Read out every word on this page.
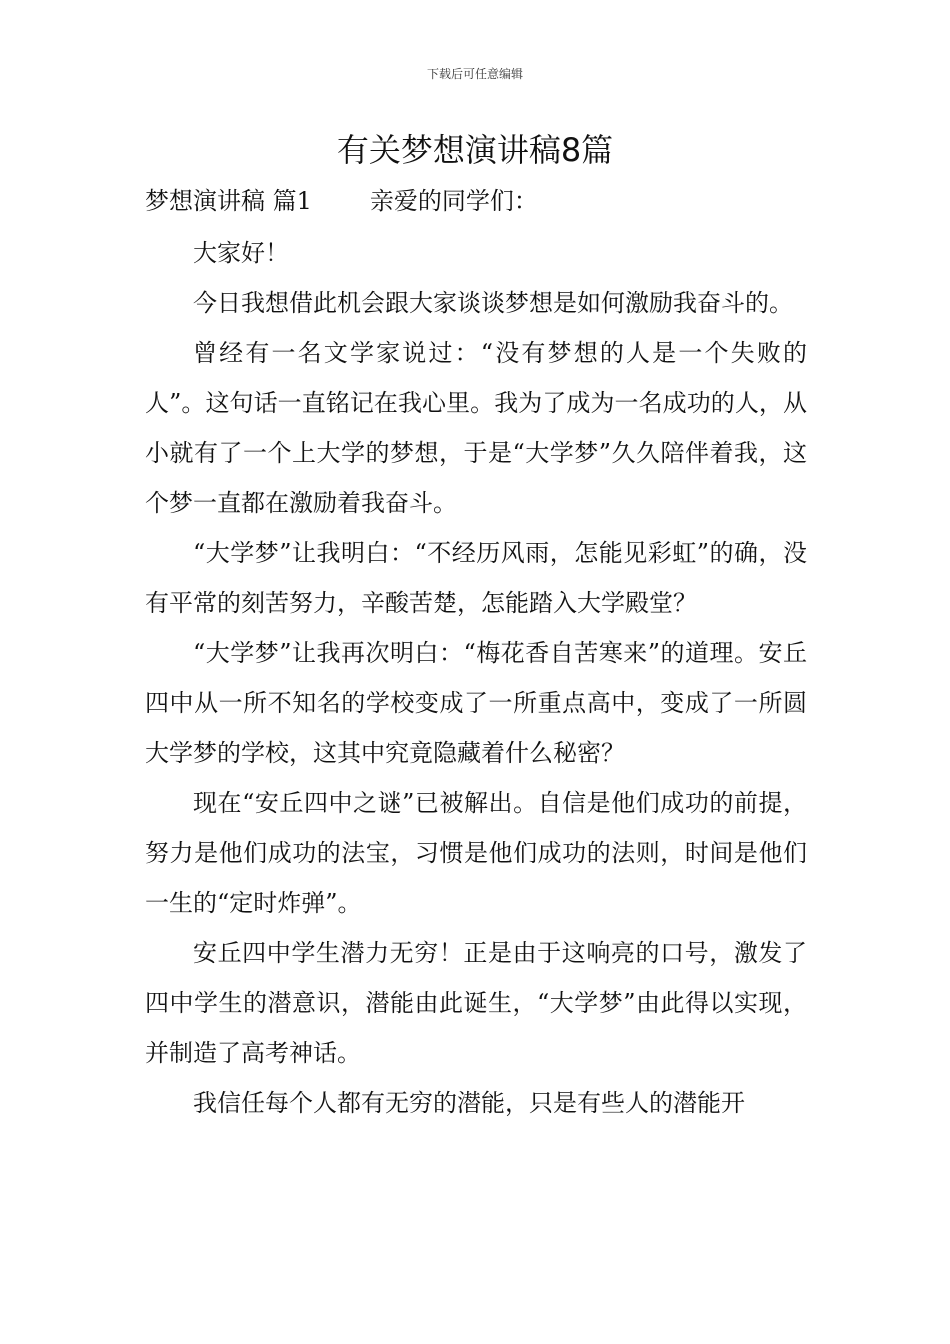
下载后可任意编辑
有关梦想演讲稿8篇
梦想演讲稿 篇1 亲爱的同学们：

大家好！

今日我想借此机会跟大家谈谈梦想是如何激励我奋斗的。

曾经有一名文学家说过：“没有梦想的人是一个失败的人”。这句话一直铭记在我心里。我为了成为一名成功的人，从小就有了一个上大学的梦想，于是“大学梦”久久陪伴着我，这个梦一直都在激励着我奋斗。

“大学梦”让我明白：“不经历风雨，怎能见彩虹”的确，没有平常的刻苦努力，辛酸苦楚，怎能踏入大学殿堂？

“大学梦”让我再次明白：“梅花香自苦寒来”的道理。安丘四中从一所不知名的学校变成了一所重点高中，变成了一所圆大学梦的学校，这其中究竟隐藏着什么秘密？

现在“安丘四中之谜”已被解出。自信是他们成功的前提，努力是他们成功的法宝，习惯是他们成功的法则，时间是他们一生的“定时炸弹”。

安丘四中学生潜力无穷！正是由于这响亮的口号，激发了四中学生的潜意识，潜能由此诞生，“大学梦”由此得以实现，并制造了高考神话。

我信任每个人都有无穷的潜能，只是有些人的潜能开
